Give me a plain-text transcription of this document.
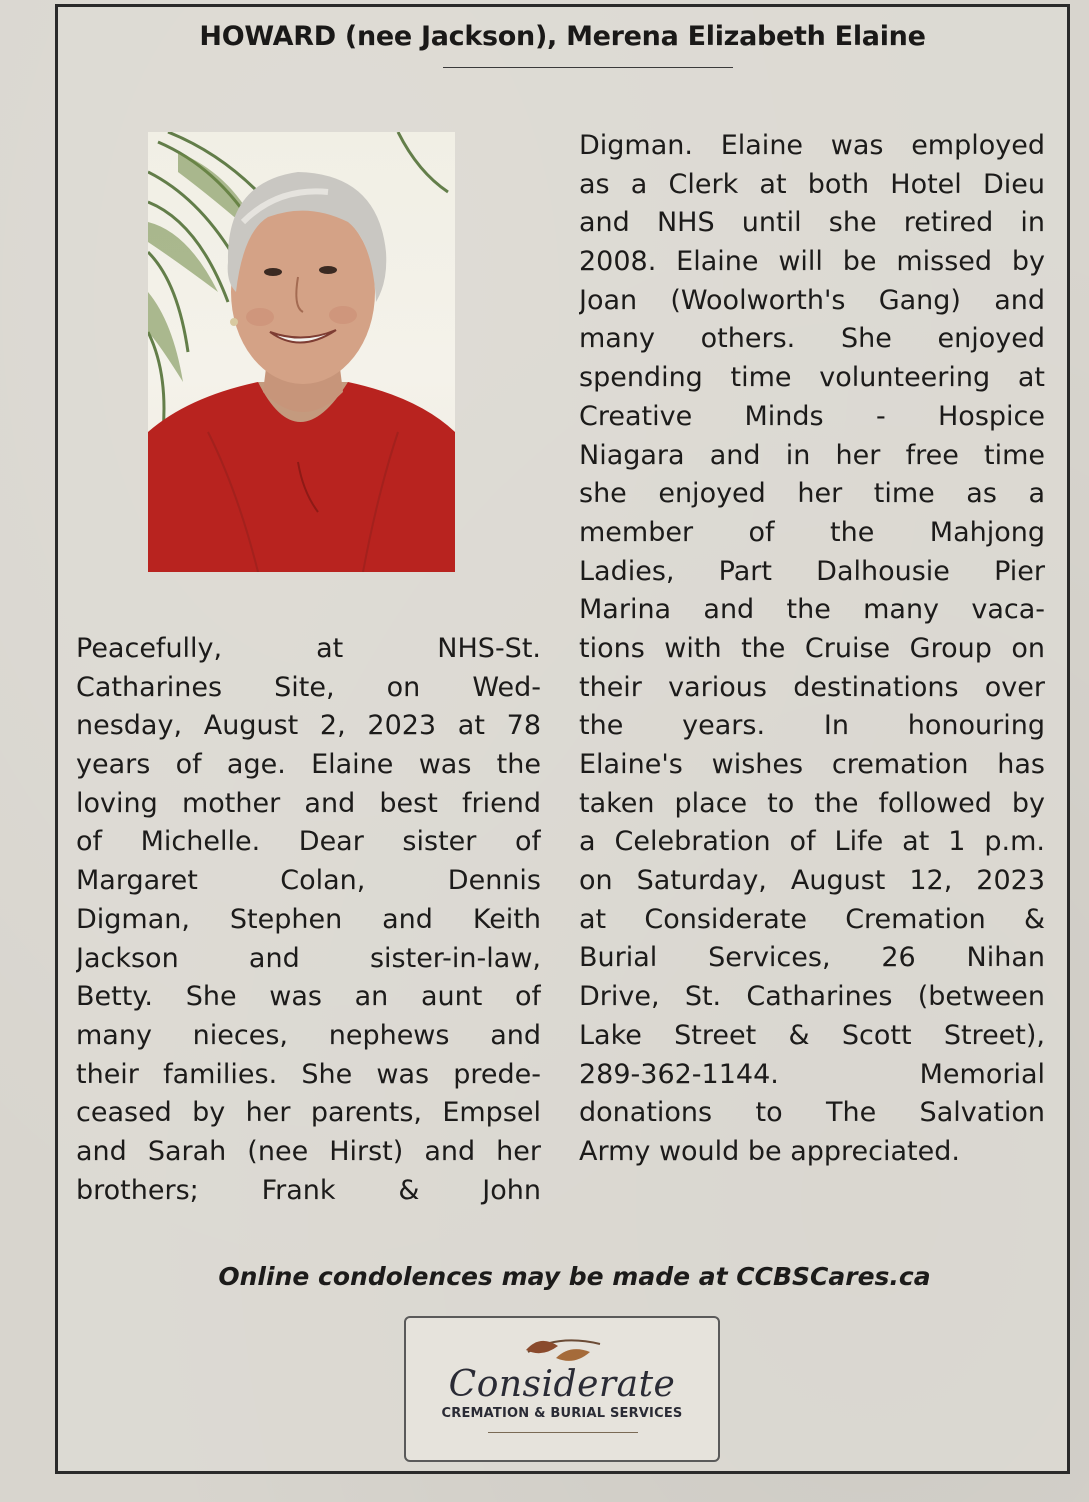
HOWARD (nee Jackson), Merena Elizabeth Elaine
Peacefully, at NHS-St.
Catharines Site, on Wed-
nesday, August 2, 2023 at 78
years of age. Elaine was the
loving mother and best friend
of Michelle. Dear sister of
Margaret Colan, Dennis
Digman, Stephen and Keith
Jackson and sister-in-law,
Betty. She was an aunt of
many nieces, nephews and
their families. She was prede-
ceased by her parents, Empsel
and Sarah (nee Hirst) and her
brothers; Frank & John
Digman. Elaine was employed
as a Clerk at both Hotel Dieu
and NHS until she retired in
2008. Elaine will be missed by
Joan (Woolworth's Gang) and
many others. She enjoyed
spending time volunteering at
Creative Minds - Hospice
Niagara and in her free time
she enjoyed her time as a
member of the Mahjong
Ladies, Part Dalhousie Pier
Marina and the many vaca-
tions with the Cruise Group on
their various destinations over
the years. In honouring
Elaine's wishes cremation has
taken place to the followed by
a Celebration of Life at 1 p.m.
on Saturday, August 12, 2023
at Considerate Cremation &
Burial Services, 26 Nihan
Drive, St. Catharines (between
Lake Street & Scott Street),
289-362-1144. Memorial
donations to The Salvation
Army would be appreciated.
Online condolences may be made at CCBSCares.ca
Considerate
CREMATION & BURIAL SERVICES
